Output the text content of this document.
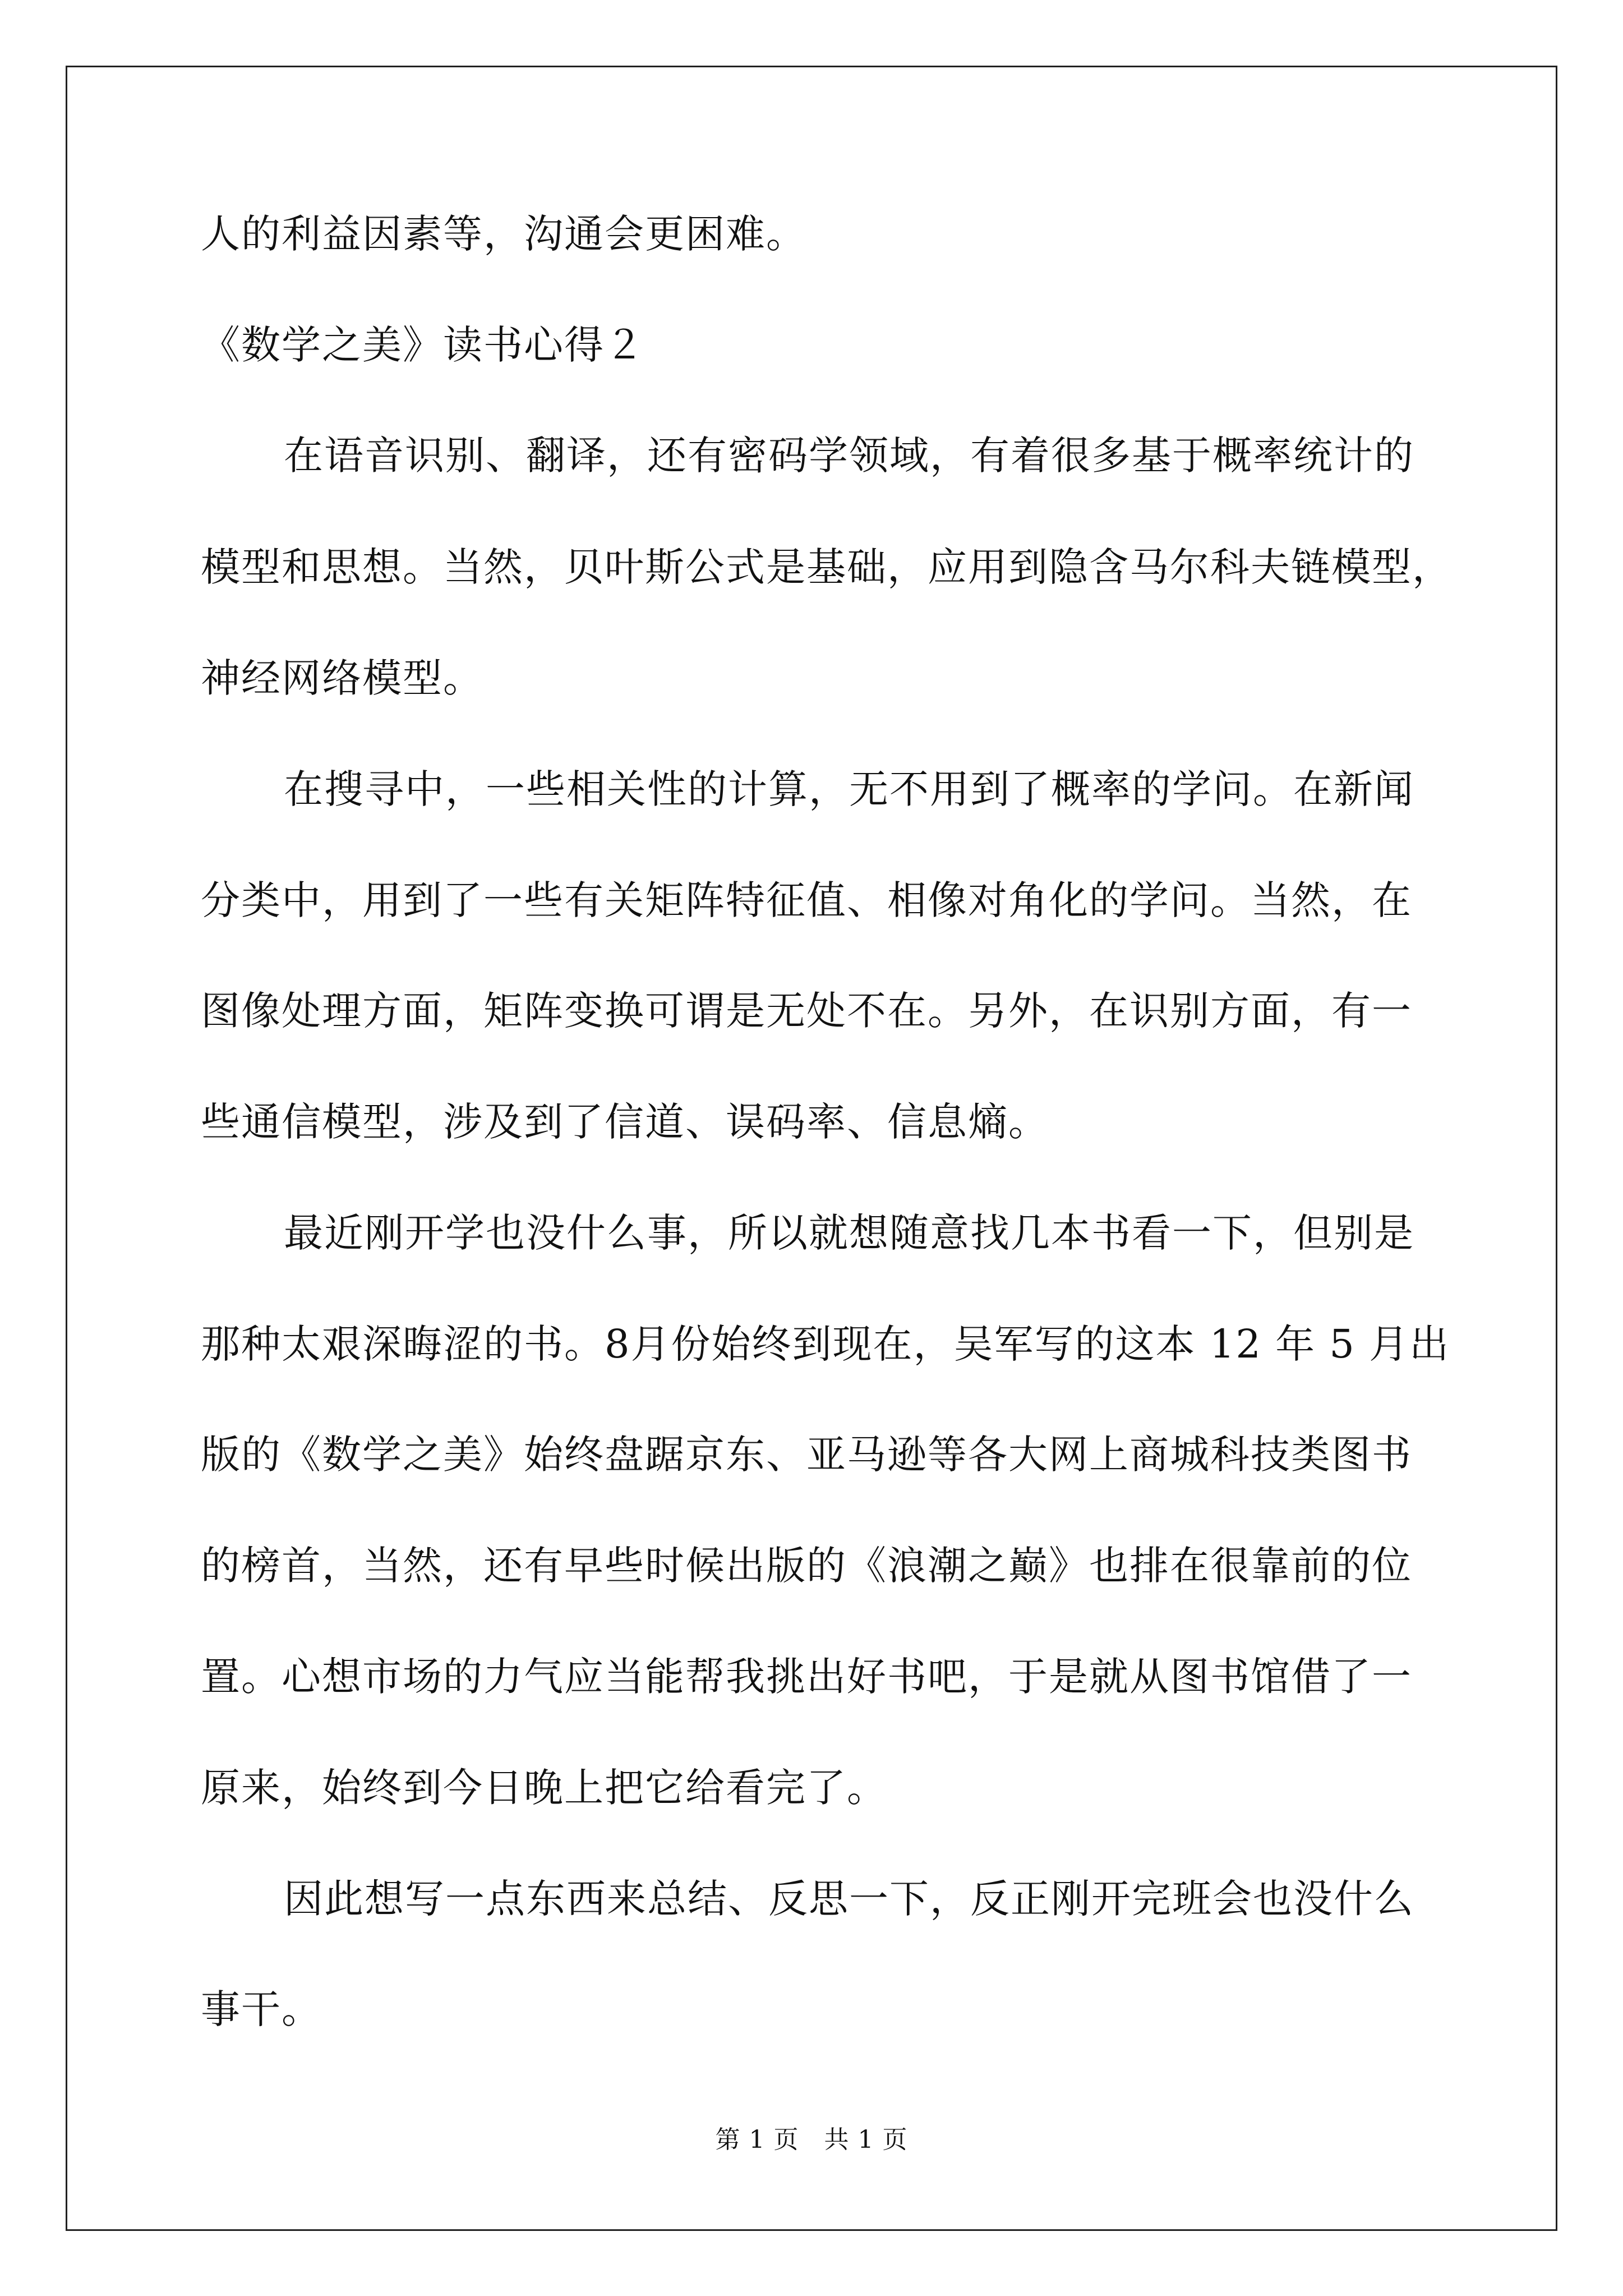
人的利益因素等，沟通会更困难。
《数学之美》读书心得２
在语音识别、翻译，还有密码学领域，有着很多基于概率统计的
模型和思想。当然，贝叶斯公式是基础，应用到隐含马尔科夫链模型，
神经网络模型。
在搜寻中，一些相关性的计算，无不用到了概率的学问。在新闻
分类中，用到了一些有关矩阵特征值、相像对角化的学问。当然，在
图像处理方面，矩阵变换可谓是无处不在。另外，在识别方面，有一
些通信模型，涉及到了信道、误码率、信息熵。
最近刚开学也没什么事，所以就想随意找几本书看一下，但别是
那种太艰深晦涩的书。8月份始终到现在，吴军写的这本 12 年 5 月出
版的《数学之美》始终盘踞京东、亚马逊等各大网上商城科技类图书
的榜首，当然，还有早些时候出版的《浪潮之巅》也排在很靠前的位
置。心想市场的力气应当能帮我挑出好书吧，于是就从图书馆借了一
原来，始终到今日晚上把它给看完了。
因此想写一点东西来总结、反思一下，反正刚开完班会也没什么
事干。
第 1 页　共 1 页
